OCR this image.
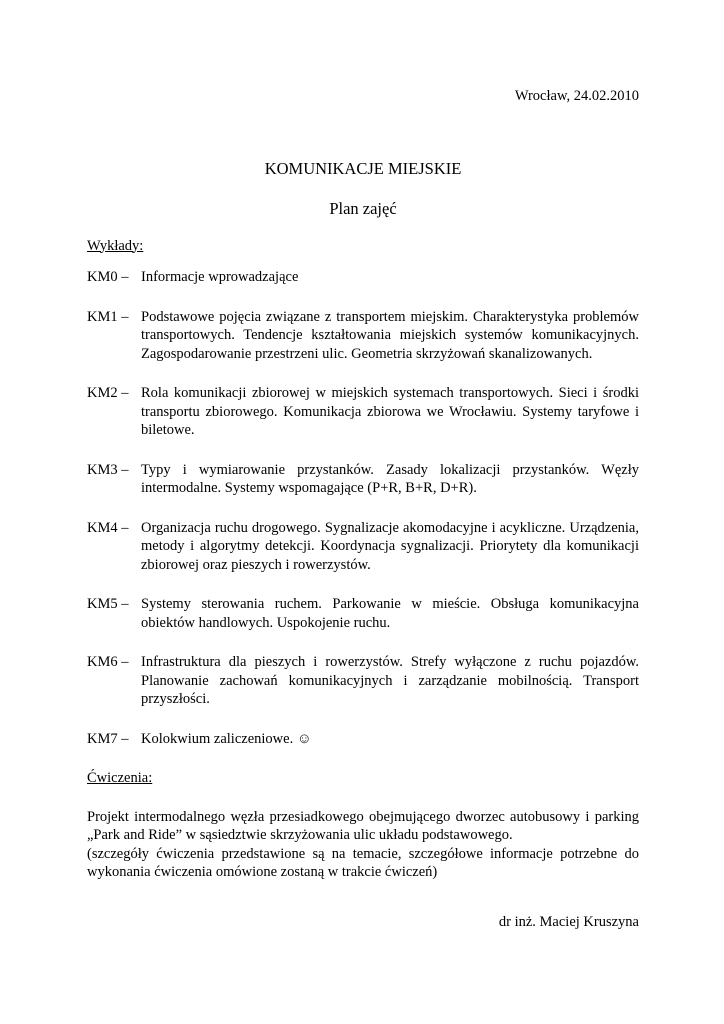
Wrocław, 24.02.2010

KOMUNIKACJE MIEJSKIE

Plan zajęć

Wykłady:

KM0 – Informacje wprowadzające
KM1 – Podstawowe pojęcia związane z transportem miejskim. Charakterystyka problemów transportowych. Tendencje kształtowania miejskich systemów komunikacyjnych. Zagospodarowanie przestrzeni ulic. Geometria skrzyżowań skanalizowanych.
KM2 – Rola komunikacji zbiorowej w miejskich systemach transportowych. Sieci i środki transportu zbiorowego. Komunikacja zbiorowa we Wrocławiu. Systemy taryfowe i biletowe.
KM3 – Typy i wymiarowanie przystanków. Zasady lokalizacji przystanków. Węzły intermodalne. Systemy wspomagające (P+R, B+R, D+R).
KM4 – Organizacja ruchu drogowego. Sygnalizacje akomodacyjne i acykliczne. Urządzenia, metody i algorytmy detekcji. Koordynacja sygnalizacji. Priorytety dla komunikacji zbiorowej oraz pieszych i rowerzystów.
KM5 – Systemy sterowania ruchem. Parkowanie w mieście. Obsługa komunikacyjna obiektów handlowych. Uspokojenie ruchu.
KM6 – Infrastruktura dla pieszych i rowerzystów. Strefy wyłączone z ruchu pojazdów. Planowanie zachowań komunikacyjnych i zarządzanie mobilnością. Transport przyszłości.
KM7 – Kolokwium zaliczeniowe. ☺

Ćwiczenia:

Projekt intermodalnego węzła przesiadkowego obejmującego dworzec autobusowy i parking „Park and Ride” w sąsiedztwie skrzyżowania ulic układu podstawowego.

(szczegóły ćwiczenia przedstawione są na temacie, szczegółowe informacje potrzebne do wykonania ćwiczenia omówione zostaną w trakcie ćwiczeń)

dr inż. Maciej Kruszyna
